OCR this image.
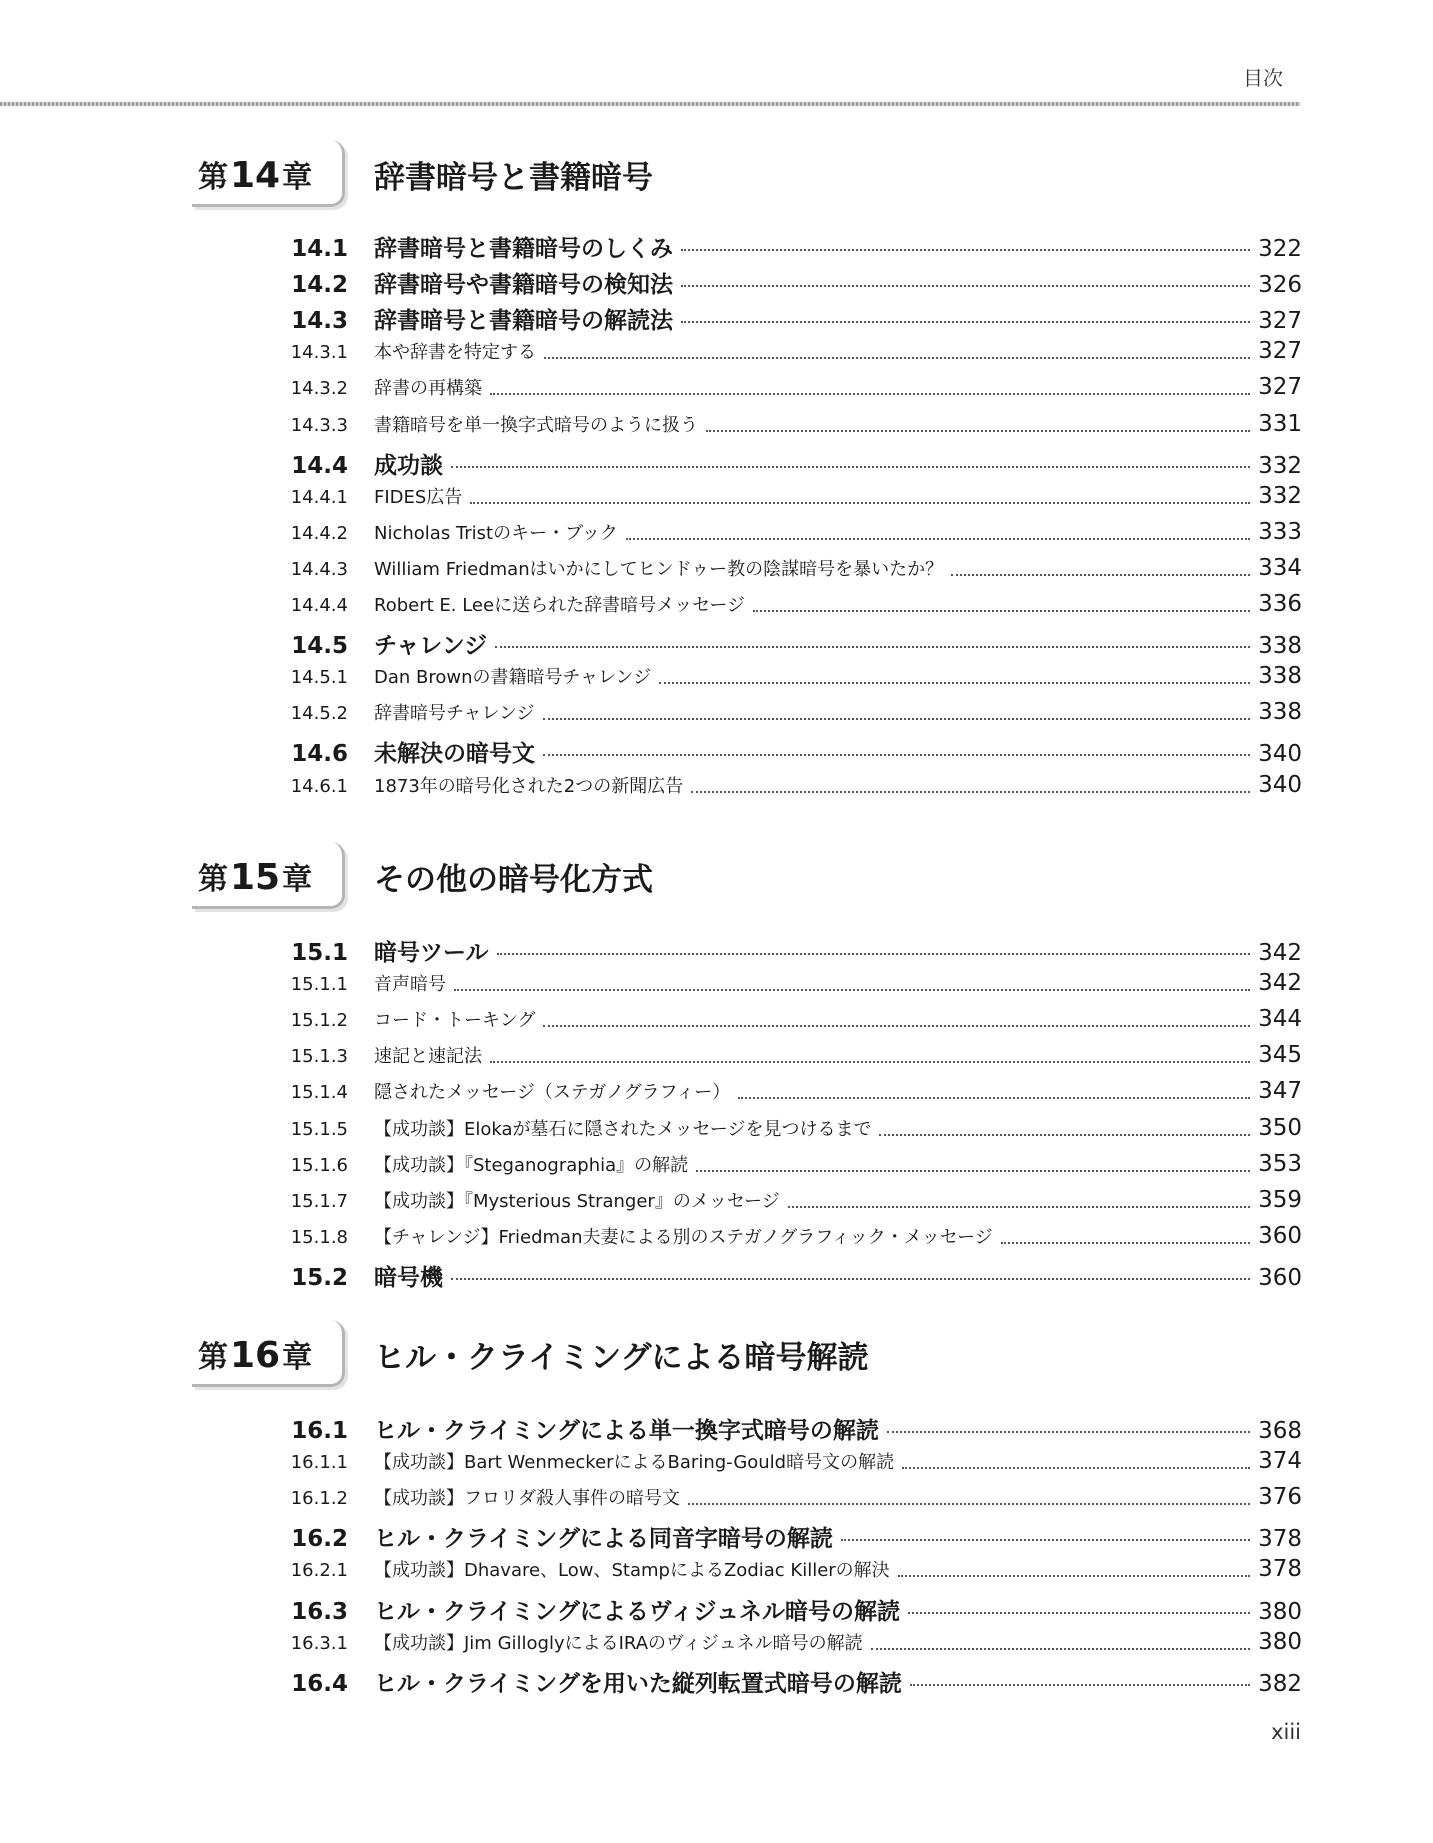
目次
第14章 辞書暗号と書籍暗号
14.1 辞書暗号と書籍暗号のしくみ	322
14.2 辞書暗号や書籍暗号の検知法	326
14.3 辞書暗号と書籍暗号の解読法	327
14.3.1 本や辞書を特定する	327
14.3.2 辞書の再構築	327
14.3.3 書籍暗号を単一換字式暗号のように扱う	331
14.4 成功談	332
14.4.1 FIDES広告	332
14.4.2 Nicholas Tristのキー・ブック	333
14.4.3 William Friedmanはいかにしてヒンドゥー教の陰謀暗号を暴いたか？	334
14.4.4 Robert E. Leeに送られた辞書暗号メッセージ	336
14.5 チャレンジ	338
14.5.1 Dan Brownの書籍暗号チャレンジ	338
14.5.2 辞書暗号チャレンジ	338
14.6 未解決の暗号文	340
14.6.1 1873年の暗号化された2つの新聞広告	340
第15章 その他の暗号化方式
15.1 暗号ツール	342
15.1.1 音声暗号	342
15.1.2 コード・トーキング	344
15.1.3 速記と速記法	345
15.1.4 隠されたメッセージ（ステガノグラフィー）	347
15.1.5 【成功談】Elokaが墓石に隠されたメッセージを見つけるまで	350
15.1.6 【成功談】『Steganographia』の解読	353
15.1.7 【成功談】『Mysterious Stranger』のメッセージ	359
15.1.8 【チャレンジ】Friedman夫妻による別のステガノグラフィック・メッセージ	360
15.2 暗号機	360
第16章 ヒル・クライミングによる暗号解読
16.1 ヒル・クライミングによる単一換字式暗号の解読	368
16.1.1 【成功談】Bart WenmeckerによるBaring-Gould暗号文の解読	374
16.1.2 【成功談】フロリダ殺人事件の暗号文	376
16.2 ヒル・クライミングによる同音字暗号の解読	378
16.2.1 【成功談】Dhavare、Low、StampによるZodiac Killerの解決	378
16.3 ヒル・クライミングによるヴィジュネル暗号の解読	380
16.3.1 【成功談】Jim GilloglyによるIRAのヴィジュネル暗号の解読	380
16.4 ヒル・クライミングを用いた縦列転置式暗号の解読	382
xiii
